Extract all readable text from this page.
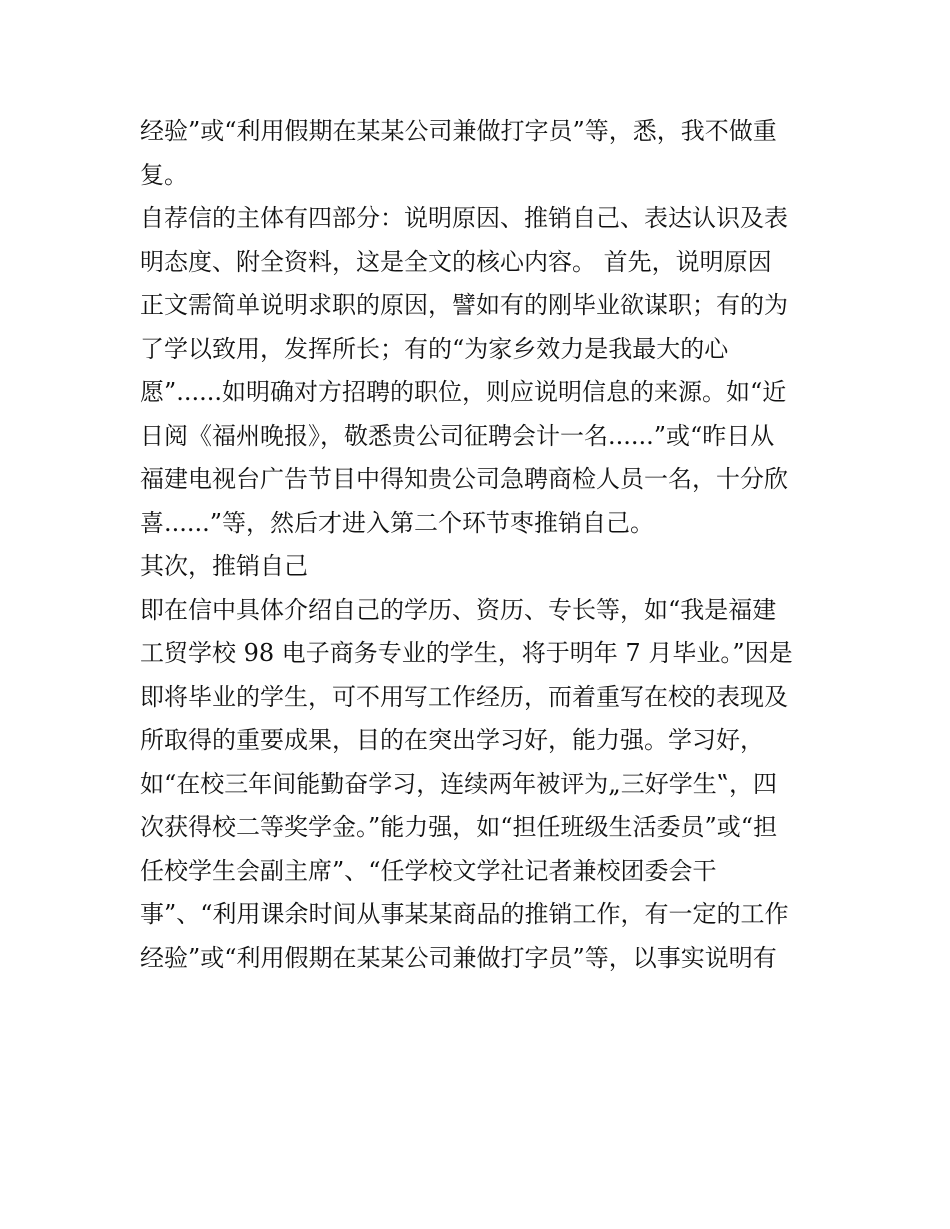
经验”或“利用假期在某某公司兼做打字员”等，悉，我不做重
复。
自荐信的主体有四部分：说明原因、推销自己、表达认识及表
明态度、附全资料，这是全文的核心内容。 首先，说明原因
正文需简单说明求职的原因，譬如有的刚毕业欲谋职；有的为
了学以致用，发挥所长；有的“为家乡效力是我最大的心
愿”......如明确对方招聘的职位，则应说明信息的来源。如“近
日阅《福州晚报》，敬悉贵公司征聘会计一名......”或“昨日从
福建电视台广告节目中得知贵公司急聘商检人员一名，十分欣
喜......”等，然后才进入第二个环节枣推销自己。
其次，推销自己
即在信中具体介绍自己的学历、资历、专长等，如“我是福建
工贸学校 98 电子商务专业的学生，将于明年 7 月毕业。”因是
即将毕业的学生，可不用写工作经历，而着重写在校的表现及
所取得的重要成果，目的在突出学习好，能力强。学习好，
如“在校三年间能勤奋学习，连续两年被评为„三好学生‟，四
次获得校二等奖学金。”能力强，如“担任班级生活委员”或“担
任校学生会副主席”、“任学校文学社记者兼校团委会干
事”、“利用课余时间从事某某商品的推销工作，有一定的工作
经验”或“利用假期在某某公司兼做打字员”等，以事实说明有
